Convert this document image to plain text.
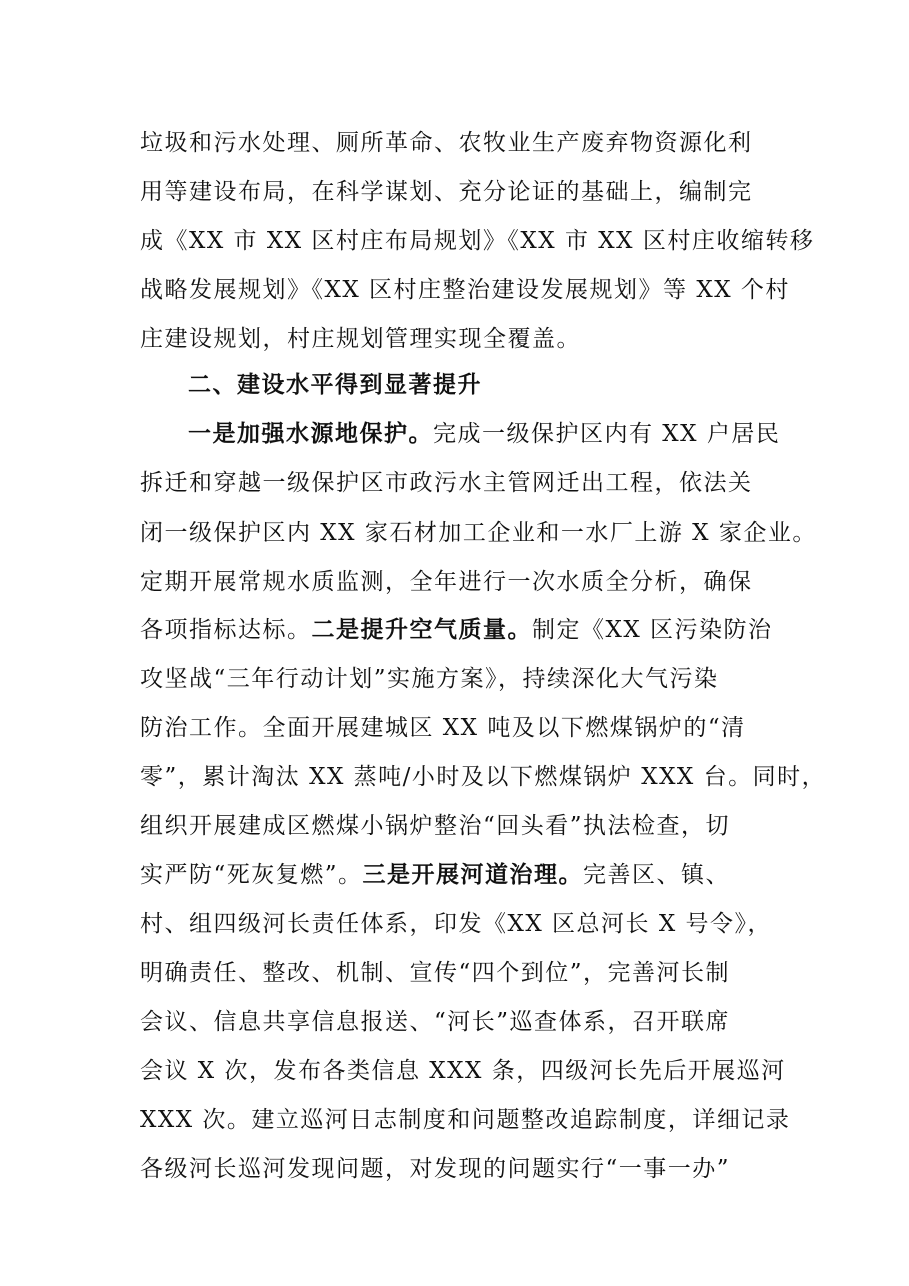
垃圾和污水处理、厕所革命、农牧业生产废弃物资源化利
用等建设布局，在科学谋划、充分论证的基础上，编制完
成《XX 市 XX 区村庄布局规划》《XX 市 XX 区村庄收缩转移
战略发展规划》《XX 区村庄整治建设发展规划》等 XX 个村
庄建设规划，村庄规划管理实现全覆盖。
二、建设水平得到显著提升
一是加强水源地保护。完成一级保护区内有 XX 户居民
拆迁和穿越一级保护区市政污水主管网迁出工程，依法关
闭一级保护区内 XX 家石材加工企业和一水厂上游 X 家企业。
定期开展常规水质监测，全年进行一次水质全分析，确保
各项指标达标。二是提升空气质量。制定《XX 区污染防治
攻坚战“三年行动计划”实施方案》，持续深化大气污染
防治工作。全面开展建城区 XX 吨及以下燃煤锅炉的“清
零”，累计淘汰 XX 蒸吨/小时及以下燃煤锅炉 XXX 台。同时，
组织开展建成区燃煤小锅炉整治“回头看”执法检查，切
实严防“死灰复燃”。三是开展河道治理。完善区、镇、
村、组四级河长责任体系，印发《XX 区总河长 X 号令》，
明确责任、整改、机制、宣传“四个到位”，完善河长制
会议、信息共享信息报送、“河长”巡查体系，召开联席
会议 X 次，发布各类信息 XXX 条，四级河长先后开展巡河
XXX 次。建立巡河日志制度和问题整改追踪制度，详细记录
各级河长巡河发现问题，对发现的问题实行“一事一办”
